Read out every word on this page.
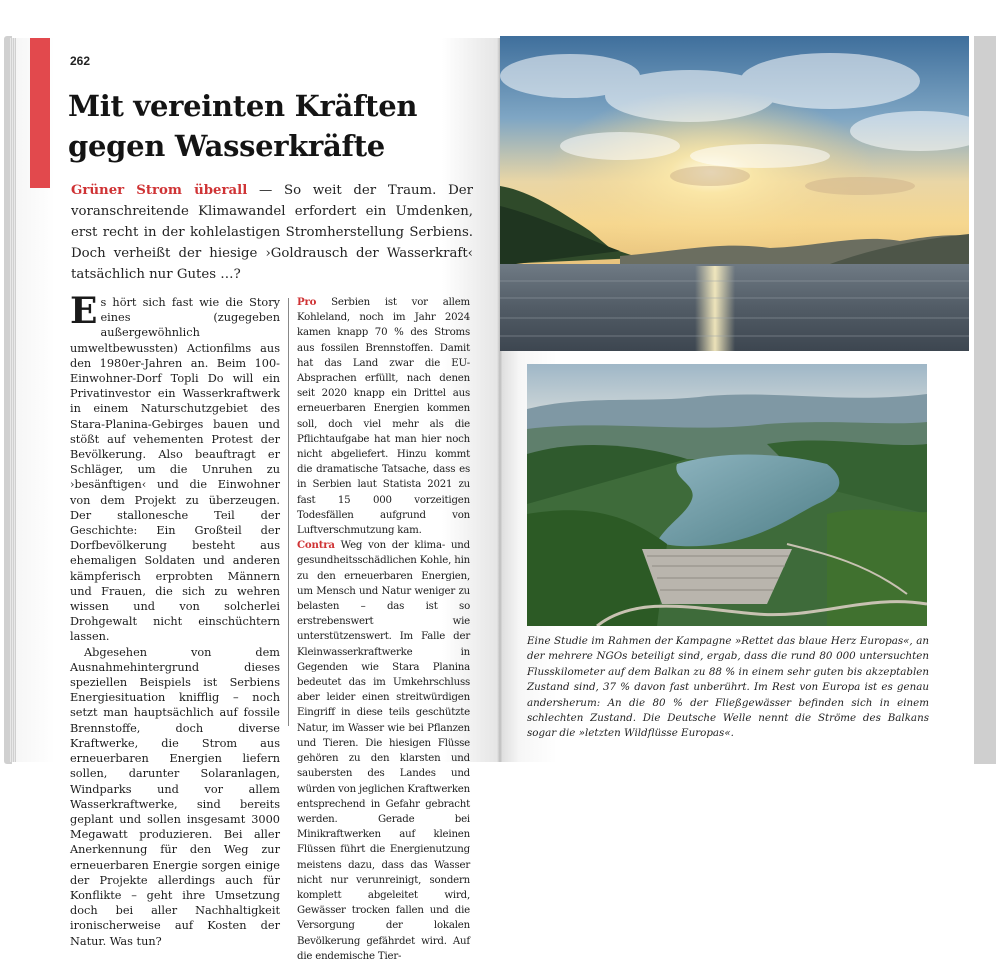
262
Mit vereinten Kräften
gegen Wasserkräfte

Grüner Strom überall — So weit der Traum. Der voranschreitende Klimawandel erfordert ein Umdenken, erst recht in der kohlelastigen Stromherstellung Serbiens. Doch verheißt der hiesige ›Goldrausch der Wasserkraft‹ tatsächlich nur Gutes …?

Es hört sich fast wie die Story eines (zugegeben außergewöhnlich umweltbewussten) Actionfilms aus den 1980er-Jahren an. Beim 100-Einwohner-Dorf Topli Do will ein Privatinvestor ein Wasserkraftwerk in einem Naturschutzgebiet des Stara-Planina-Gebirges bauen und stößt auf vehementen Protest der Bevölkerung. Also beauftragt er Schläger, um die Unruhen zu ›besänftigen‹ und die Einwohner von dem Projekt zu überzeugen. Der stallonesche Teil der Geschichte: Ein Großteil der Dorfbevölkerung besteht aus ehemaligen Soldaten und anderen kämpferisch erprobten Männern und Frauen, die sich zu wehren wissen und von solcherlei Drohgewalt nicht einschüchtern lassen.

Abgesehen von dem Ausnahmehintergrund dieses speziellen Beispiels ist Serbiens Energiesituation knifflig – noch setzt man hauptsächlich auf fossile Brennstoffe, doch diverse Kraftwerke, die Strom aus erneuerbaren Energien liefern sollen, darunter Solaranlagen, Windparks und vor allem Wasserkraftwerke, sind bereits geplant und sollen insgesamt 3000 Megawatt produzieren. Bei aller Anerkennung für den Weg zur erneuerbaren Energie sorgen einige der Projekte allerdings auch für Konflikte – geht ihre Umsetzung doch bei aller Nachhaltigkeit ironischerweise auf Kosten der Natur. Was tun?

Pro Serbien ist vor allem Kohleland, noch im Jahr 2024 kamen knapp 70 % des Stroms aus fossilen Brennstoffen. Damit hat das Land zwar die EU-Absprachen erfüllt, nach denen seit 2020 knapp ein Drittel aus erneuerbaren Energien kommen soll, doch viel mehr als die Pflichtaufgabe hat man hier noch nicht abgeliefert. Hinzu kommt die dramatische Tatsache, dass es in Serbien laut Statista 2021 zu fast 15 000 vorzeitigen Todesfällen aufgrund von Luftverschmutzung kam.

Contra Weg von der klima- und gesundheitsschädlichen Kohle, hin zu den erneuerbaren Energien, um Mensch und Natur weniger zu belasten – das ist so erstrebenswert wie unterstützenswert. Im Falle der Kleinwasserkraftwerke in Gegenden wie Stara Planina bedeutet das im Umkehrschluss aber leider einen streitwürdigen Eingriff in diese teils geschützte Natur, im Wasser wie bei Pflanzen und Tieren. Die hiesigen Flüsse gehören zu den klarsten und saubersten des Landes und würden von jeglichen Kraftwerken entsprechend in Gefahr gebracht werden. Gerade bei Minikraftwerken auf kleinen Flüssen führt die Energienutzung meistens dazu, dass das Wasser nicht nur verunreinigt, sondern komplett abgeleitet wird, Gewässer trocken fallen und die Versorgung der lokalen Bevölkerung gefährdet wird. Auf die endemische Tier-

Eine Studie im Rahmen der Kampagne »Rettet das blaue Herz Europas«, an der mehrere NGOs beteiligt sind, ergab, dass die rund 80 000 untersuchten Flusskilometer auf dem Balkan zu 88 % in einem sehr guten bis akzeptablen Zustand sind, 37 % davon fast unberührt. Im Rest von Europa ist es genau andersherum: An die 80 % der Fließgewässer befinden sich in einem schlechten Zustand. Die Deutsche Welle nennt die Ströme des Balkans sogar die »letzten Wildflüsse Europas«.
